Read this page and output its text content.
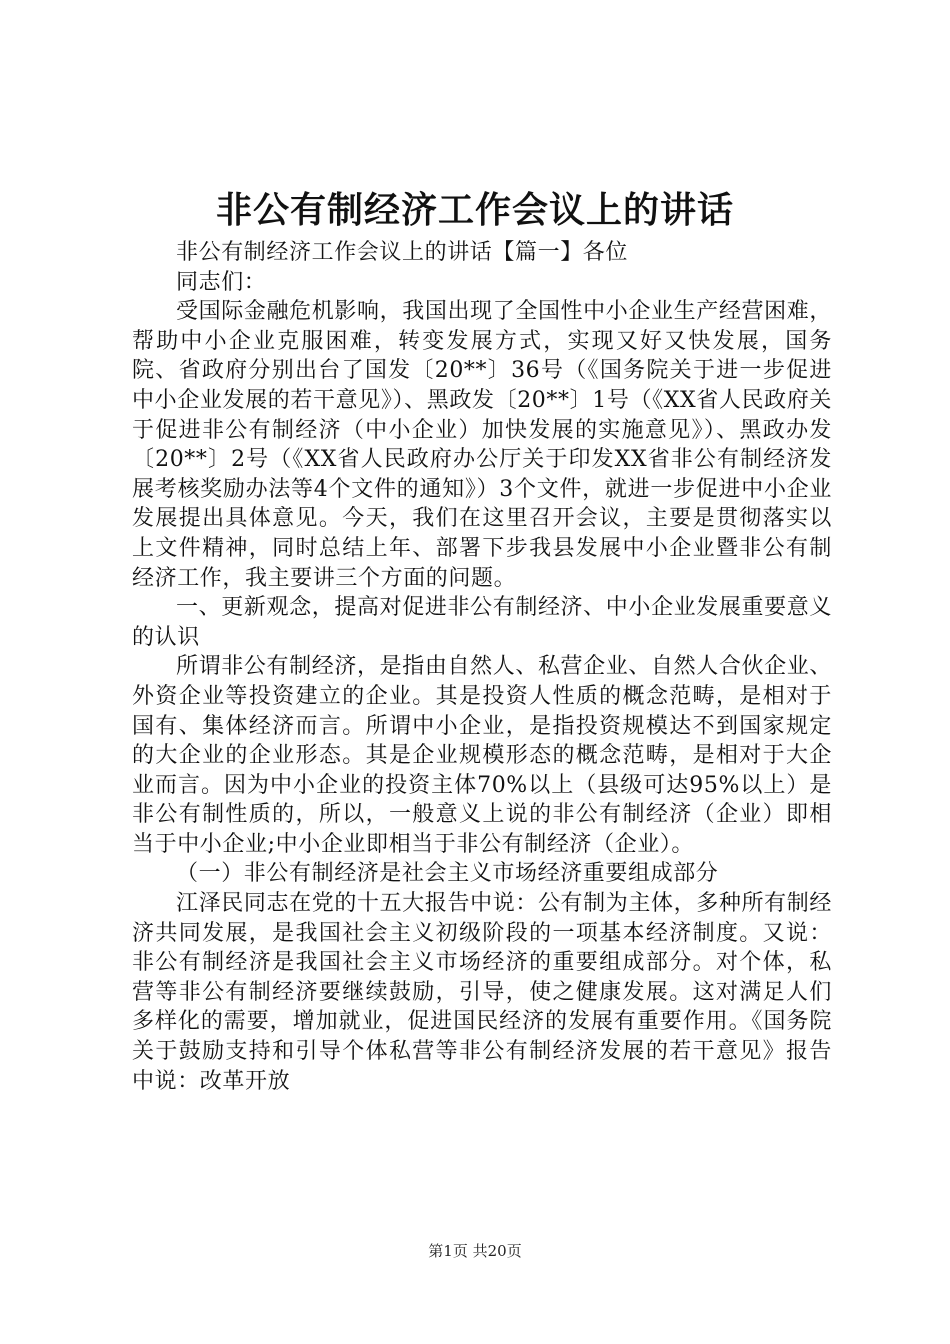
非公有制经济工作会议上的讲话

非公有制经济工作会议上的讲话【篇一】各位

同志们：

受国际金融危机影响，我国出现了全国性中小企业生产经营困难，帮助中小企业克服困难，转变发展方式，实现又好又快发展，国务院、省政府分别出台了国发〔20**〕36号（《国务院关于进一步促进中小企业发展的若干意见》）、黑政发〔20**〕1号（《XX省人民政府关于促进非公有制经济（中小企业）加快发展的实施意见》）、黑政办发〔20**〕2号（《XX省人民政府办公厅关于印发XX省非公有制经济发展考核奖励办法等4个文件的通知》）3个文件，就进一步促进中小企业发展提出具体意见。今天，我们在这里召开会议，主要是贯彻落实以上文件精神，同时总结上年、部署下步我县发展中小企业暨非公有制经济工作，我主要讲三个方面的问题。

一、更新观念，提高对促进非公有制经济、中小企业发展重要意义的认识

所谓非公有制经济，是指由自然人、私营企业、自然人合伙企业、外资企业等投资建立的企业。其是投资人性质的概念范畴，是相对于国有、集体经济而言。所谓中小企业，是指投资规模达不到国家规定的大企业的企业形态。其是企业规模形态的概念范畴，是相对于大企业而言。因为中小企业的投资主体70%以上（县级可达95%以上）是非公有制性质的，所以，一般意义上说的非公有制经济（企业）即相当于中小企业;中小企业即相当于非公有制经济（企业）。

（一）非公有制经济是社会主义市场经济重要组成部分

江泽民同志在党的十五大报告中说：公有制为主体，多种所有制经济共同发展，是我国社会主义初级阶段的一项基本经济制度。又说：非公有制经济是我国社会主义市场经济的重要组成部分。对个体，私营等非公有制经济要继续鼓励，引导，使之健康发展。这对满足人们多样化的需要，增加就业，促进国民经济的发展有重要作用。《国务院关于鼓励支持和引导个体私营等非公有制经济发展的若干意见》报告中说：改革开放

第1页 共20页
